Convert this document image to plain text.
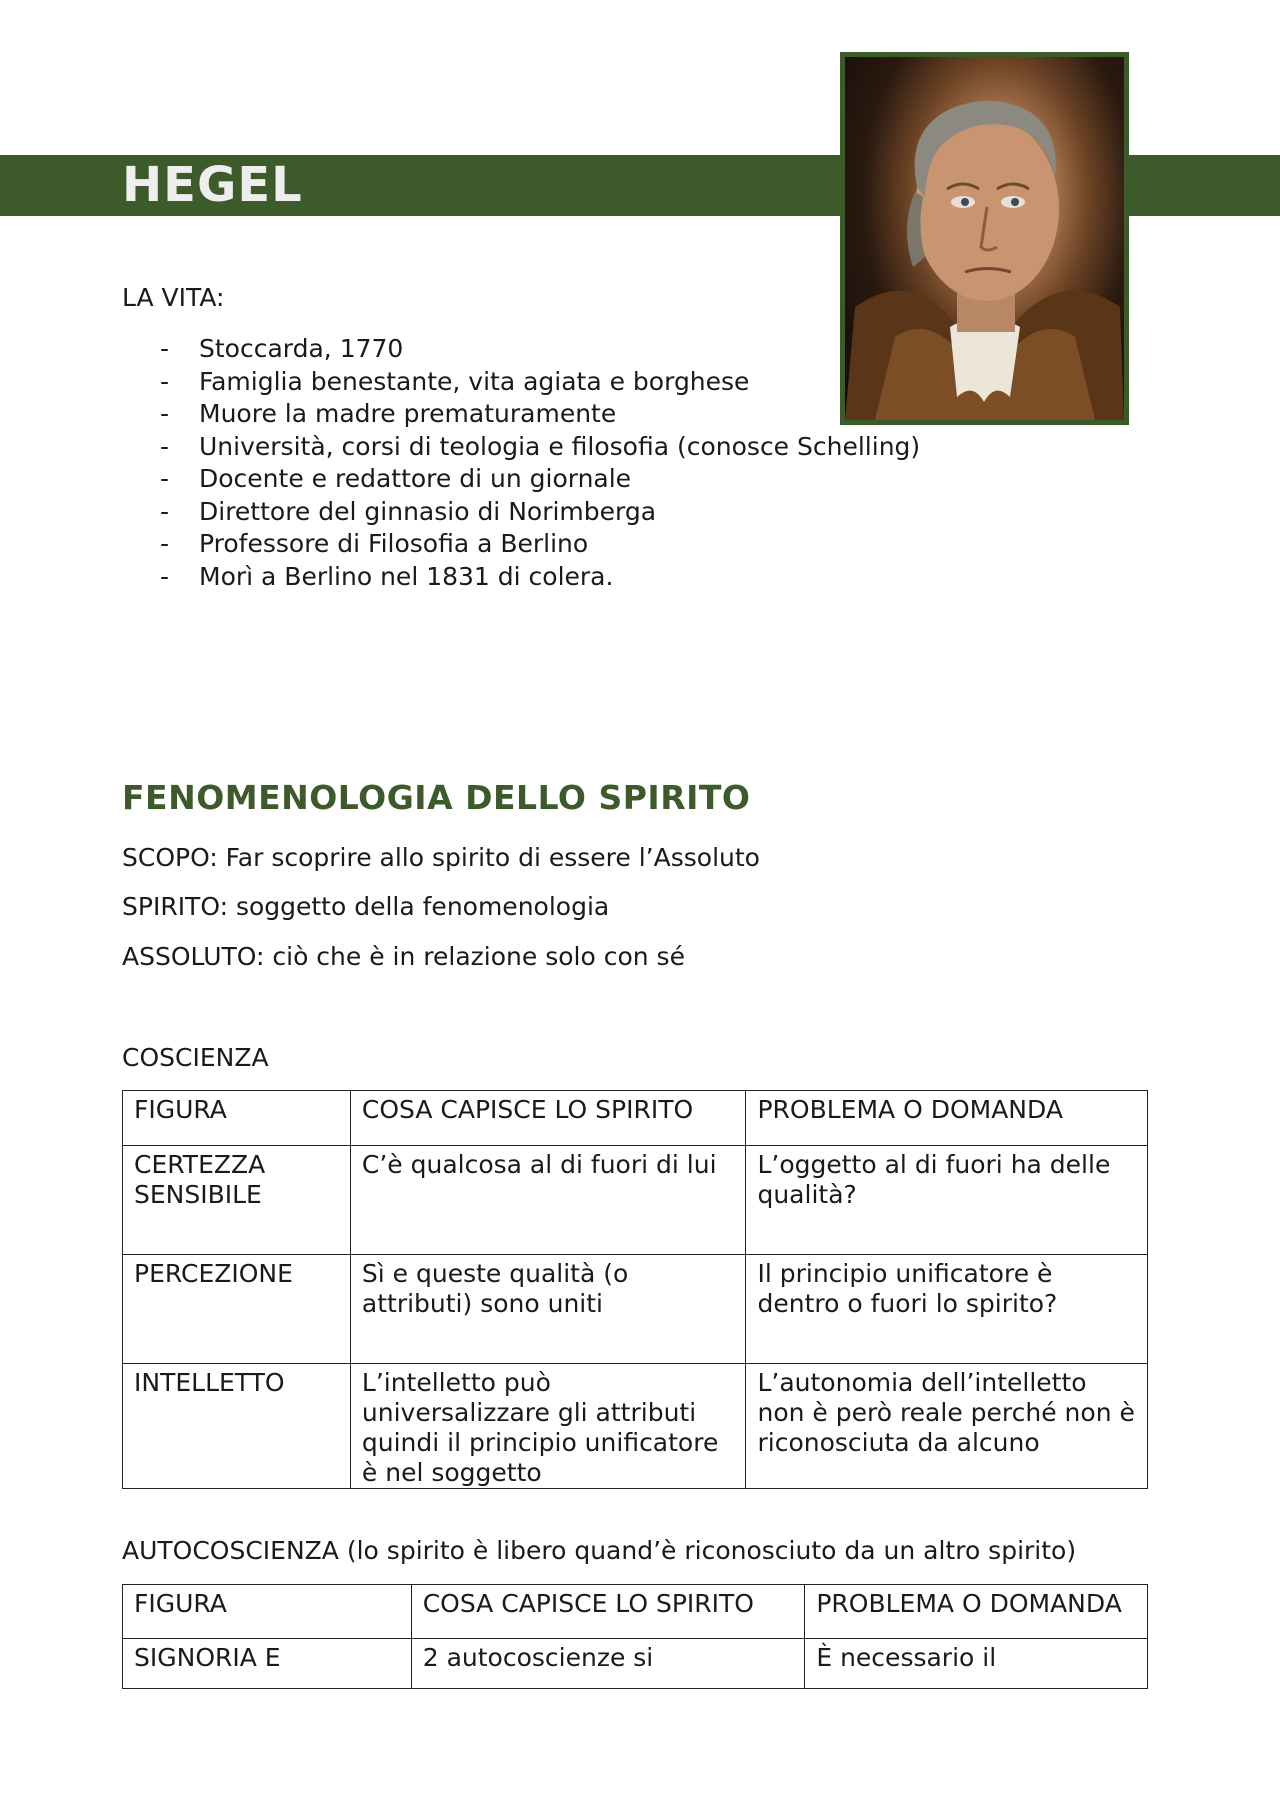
HEGEL

LA VITA:

- Stoccarda, 1770
- Famiglia benestante, vita agiata e borghese
- Muore la madre prematuramente
- Università, corsi di teologia e filosofia (conosce Schelling)
- Docente e redattore di un giornale
- Direttore del ginnasio di Norimberga
- Professore di Filosofia a Berlino
- Morì a Berlino nel 1831 di colera.
FENOMENOLOGIA DELLO SPIRITO

SCOPO: Far scoprire allo spirito di essere l’Assoluto

SPIRITO: soggetto della fenomenologia

ASSOLUTO: ciò che è in relazione solo con sé

COSCIENZA

FIGURA	COSA CAPISCE LO SPIRITO	PROBLEMA O DOMANDA
CERTEZZA SENSIBILE	C’è qualcosa al di fuori di lui	L’oggetto al di fuori ha delle qualità?
PERCEZIONE	Sì e queste qualità (o attributi) sono uniti	Il principio unificatore è dentro o fuori lo spirito?
INTELLETTO	L’intelletto può universalizzare gli attributi quindi il principio unificatore è nel soggetto	L’autonomia dell’intelletto non è però reale perché non è riconosciuta da alcuno

AUTOCOSCIENZA (lo spirito è libero quand’è riconosciuto da un altro spirito)

FIGURA	COSA CAPISCE LO SPIRITO	PROBLEMA O DOMANDA
SIGNORIA E	2 autocoscienze si	È necessario il
